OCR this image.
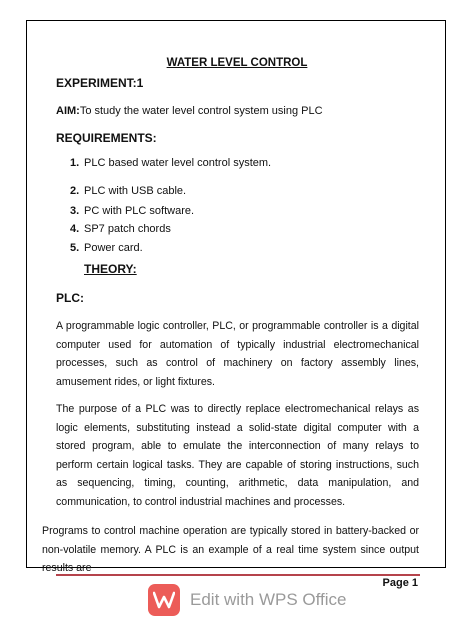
WATER LEVEL CONTROL
EXPERIMENT:1
AIM:To study the water level control system using PLC
REQUIREMENTS:
1. PLC based water level control system.
2. PLC with USB cable.
3. PC with PLC software.
4. SP7 patch chords
5. Power card.
THEORY:
PLC:

A programmable logic controller, PLC, or programmable controller is a digital computer used for automation of typically industrial electromechanical processes, such as control of machinery on factory assembly lines, amusement rides, or light fixtures.

The purpose of a PLC was to directly replace electromechanical relays as logic elements, substituting instead a solid-state digital computer with a stored program, able to emulate the interconnection of many relays to perform certain logical tasks. They are capable of storing instructions, such as sequencing, timing, counting, arithmetic, data manipulation, and communication, to control industrial machines and processes.

Programs to control machine operation are typically stored in battery-backed or non-volatile memory. A PLC is an example of a real time system since output results are

Page 1
Edit with WPS Office
